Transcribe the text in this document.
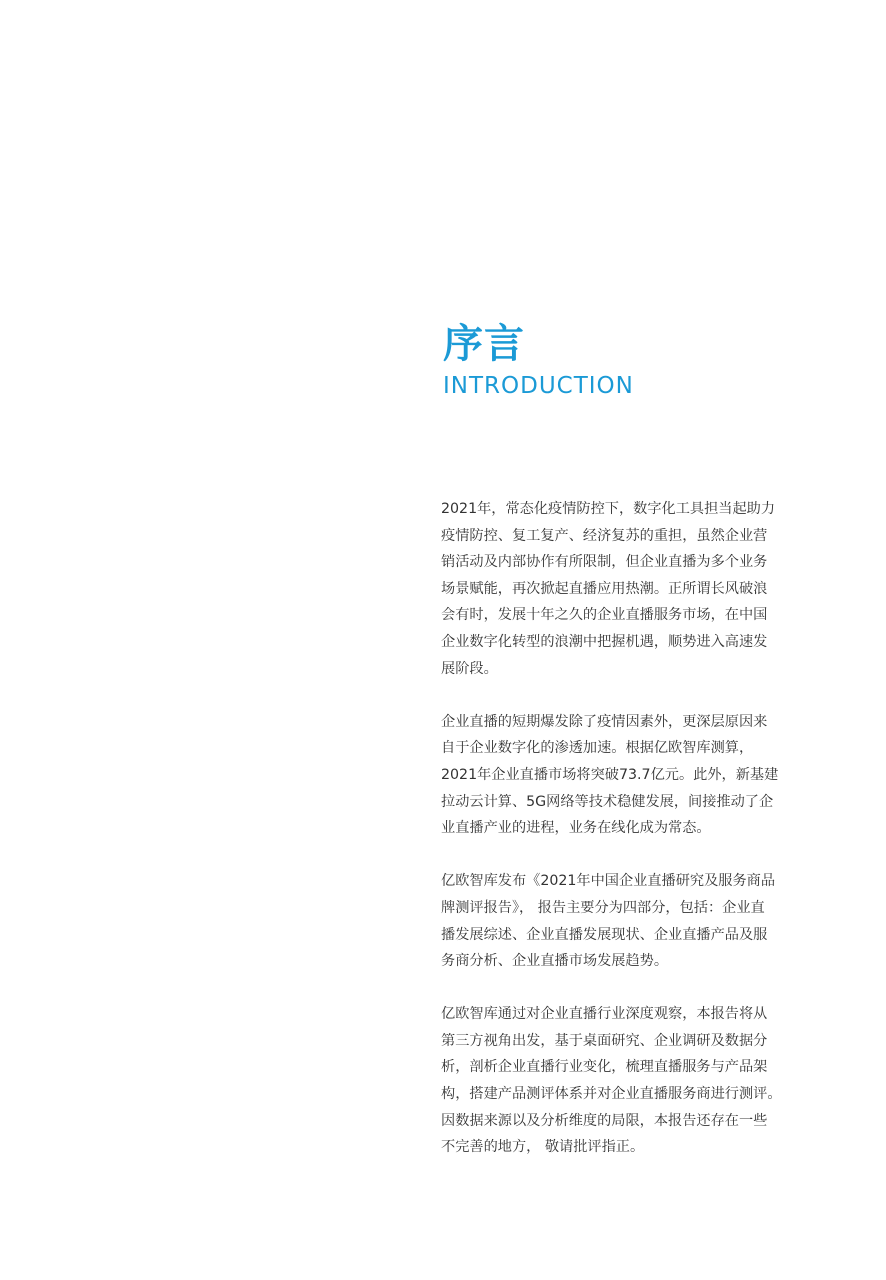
序言
INTRODUCTION
2021年，常态化疫情防控下，数字化工具担当起助力
疫情防控、复工复产、经济复苏的重担，虽然企业营
销活动及内部协作有所限制，但企业直播为多个业务
场景赋能，再次掀起直播应用热潮。正所谓长风破浪
会有时，发展十年之久的企业直播服务市场，在中国
企业数字化转型的浪潮中把握机遇，顺势进入高速发
展阶段。
企业直播的短期爆发除了疫情因素外，更深层原因来
自于企业数字化的渗透加速。根据亿欧智库测算，
2021年企业直播市场将突破73.7亿元。此外，新基建
拉动云计算、5G网络等技术稳健发展，间接推动了企
业直播产业的进程，业务在线化成为常态。
亿欧智库发布《2021年中国企业直播研究及服务商品
牌测评报告》， 报告主要分为四部分，包括：企业直
播发展综述、企业直播发展现状、企业直播产品及服
务商分析、企业直播市场发展趋势。
亿欧智库通过对企业直播行业深度观察，本报告将从
第三方视角出发，基于桌面研究、企业调研及数据分
析，剖析企业直播行业变化，梳理直播服务与产品架
构，搭建产品测评体系并对企业直播服务商进行测评。
因数据来源以及分析维度的局限，本报告还存在一些
不完善的地方， 敬请批评指正。
